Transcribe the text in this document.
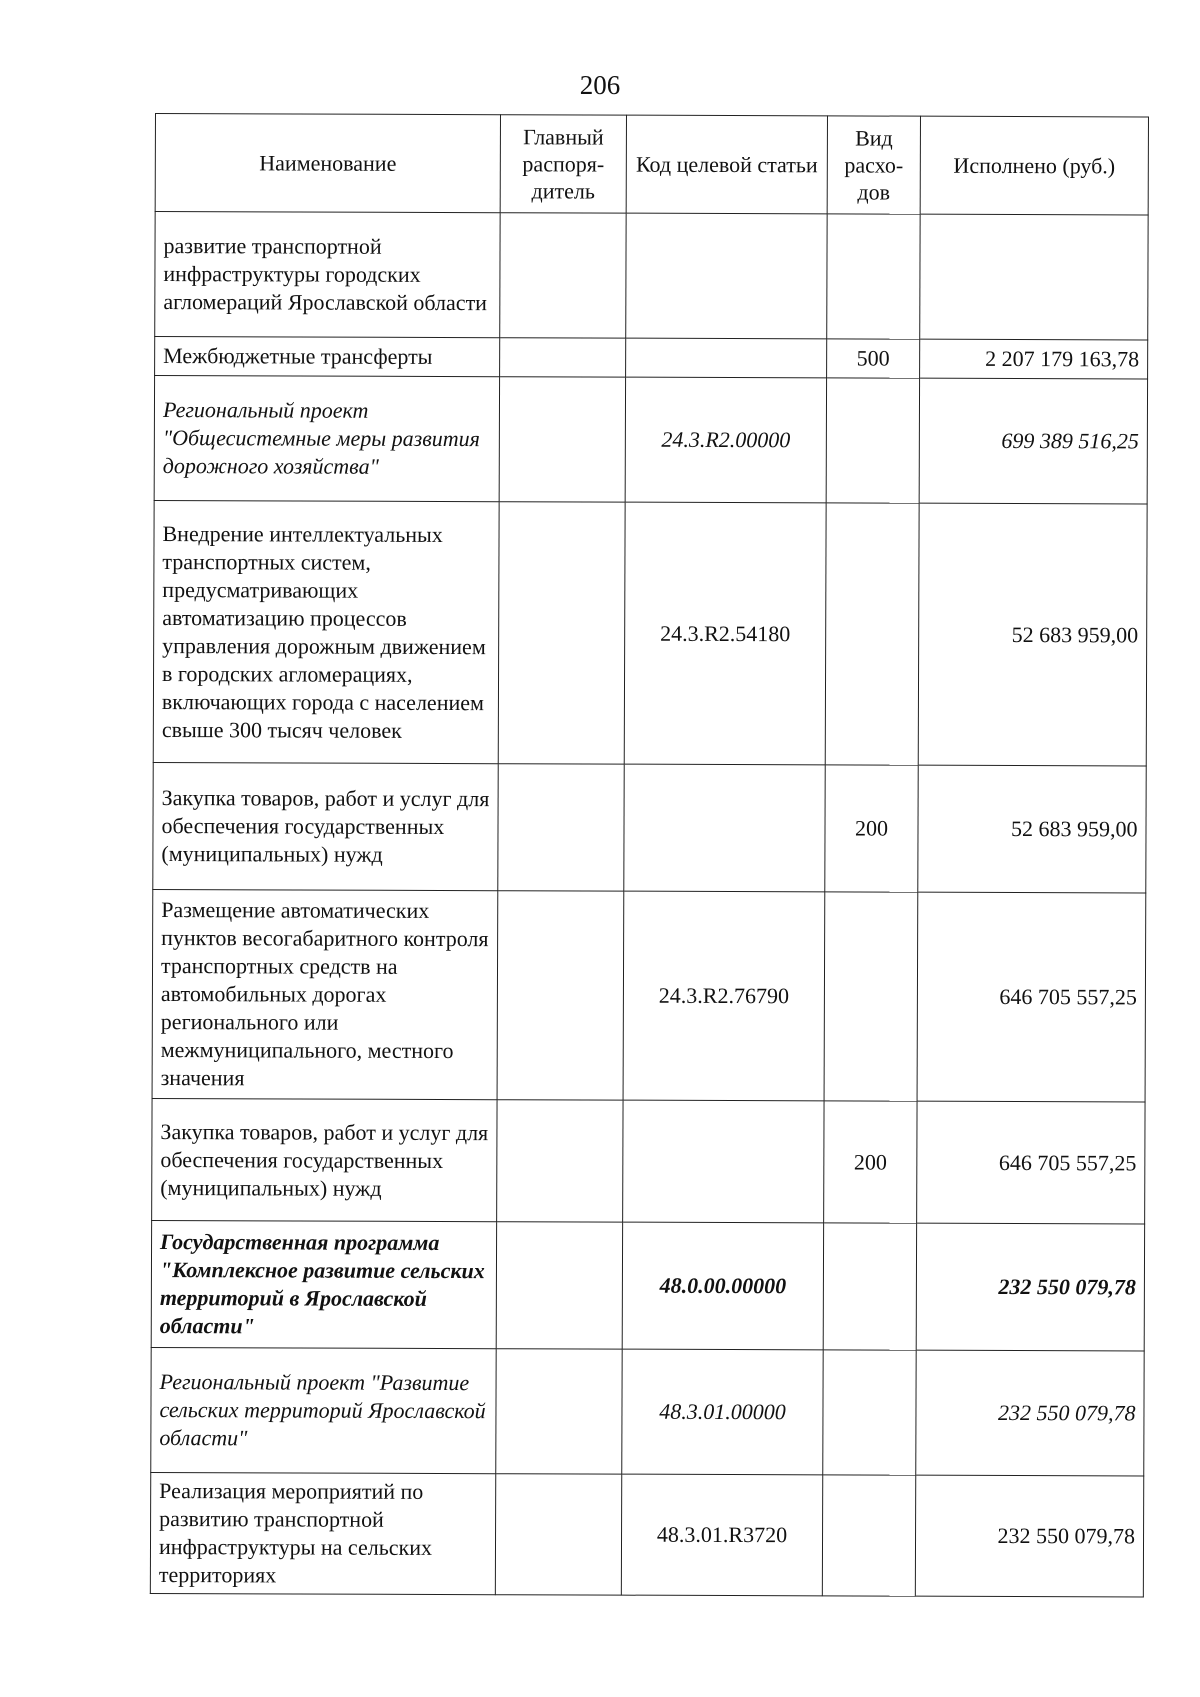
206
Наименование	Главный распоря-дитель	Код целевой статьи	Вид расхо-дов	Исполнено (руб.)
развитие транспортной инфраструктуры городских агломераций Ярославской области				
Межбюджетные трансферты			500	2 207 179 163,78
Региональный проект "Общесистемные меры развития дорожного хозяйства"		24.3.R2.00000		699 389 516,25
Внедрение интеллектуальных транспортных систем, предусматривающих автоматизацию процессов управления дорожным движением в городских агломерациях, включающих города с населением свыше 300 тысяч человек		24.3.R2.54180		52 683 959,00
Закупка товаров, работ и услуг для обеспечения государственных (муниципальных) нужд			200	52 683 959,00
Размещение автоматических пунктов весогабаритного контроля транспортных средств на автомобильных дорогах регионального или межмуниципального, местного значения		24.3.R2.76790		646 705 557,25
Закупка товаров, работ и услуг для обеспечения государственных (муниципальных) нужд			200	646 705 557,25
Государственная программа "Комплексное развитие сельских территорий в Ярославской области"		48.0.00.00000		232 550 079,78
Региональный проект "Развитие сельских территорий Ярославской области"		48.3.01.00000		232 550 079,78
Реализация мероприятий по развитию транспортной инфраструктуры на сельских территориях		48.3.01.R3720		232 550 079,78
